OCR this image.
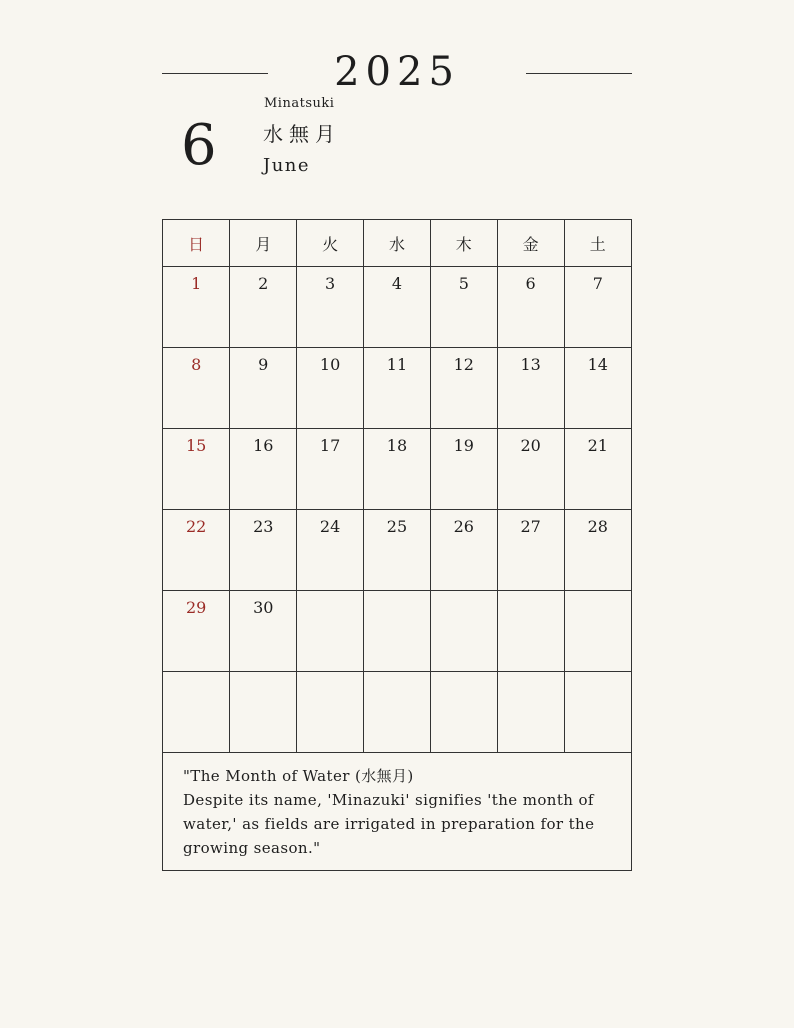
2025
6
Minatsuki
水無月
June
日	月	火	水	木	金	土

1	2	3	4	5	6	7

8	9	10	11	12	13	14

15	16	17	18	19	20	21

22	23	24	25	26	27	28

29	30					

"The Month of Water (水無月)

Despite its name, 'Minazuki' signifies 'the month of water,' as fields are irrigated in preparation for the growing season."
